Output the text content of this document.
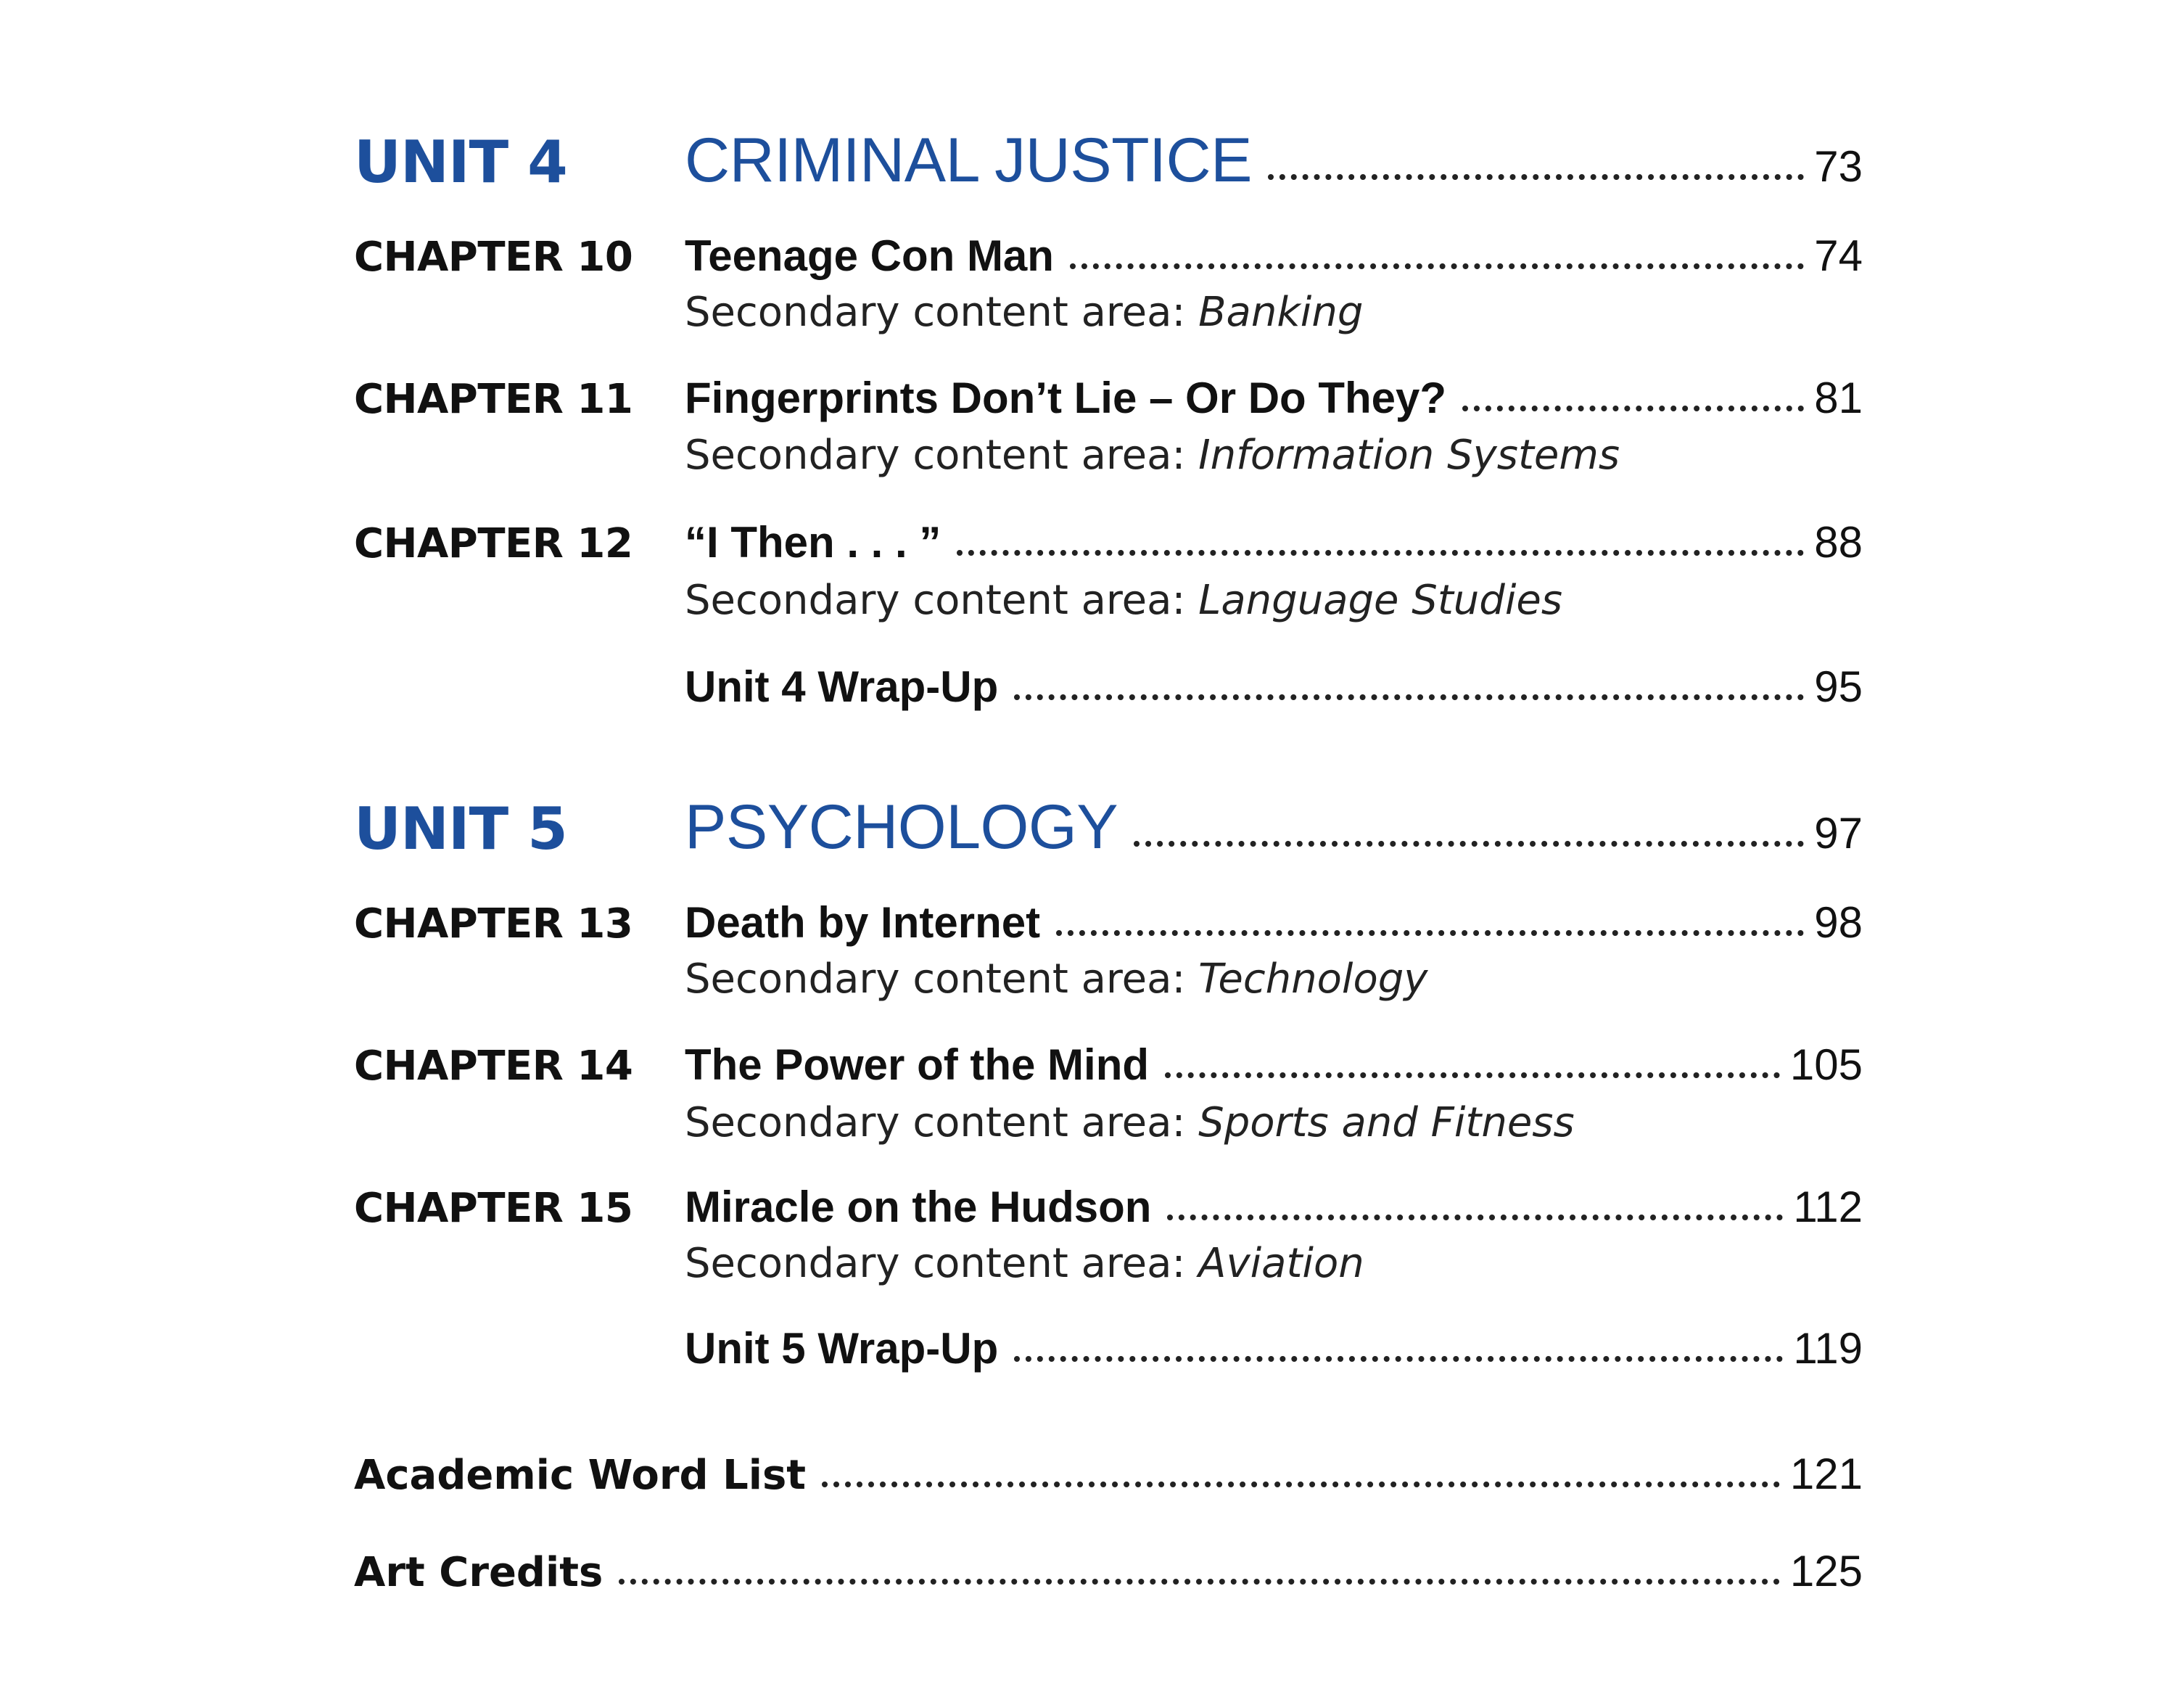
UNIT 4 CRIMINAL JUSTICE	73
CHAPTER 10 Teenage Con Man	74
Secondary content area: Banking
CHAPTER 11 Fingerprints Don’t Lie – Or Do They?	81
Secondary content area: Information Systems
CHAPTER 12 “I Then . . . ”	88
Secondary content area: Language Studies
Unit 4 Wrap-Up	95
UNIT 5 PSYCHOLOGY	97
CHAPTER 13 Death by Internet	98
Secondary content area: Technology
CHAPTER 14 The Power of the Mind	105
Secondary content area: Sports and Fitness
CHAPTER 15 Miracle on the Hudson	112
Secondary content area: Aviation
Unit 5 Wrap-Up	119
Academic Word List	121
Art Credits	125
